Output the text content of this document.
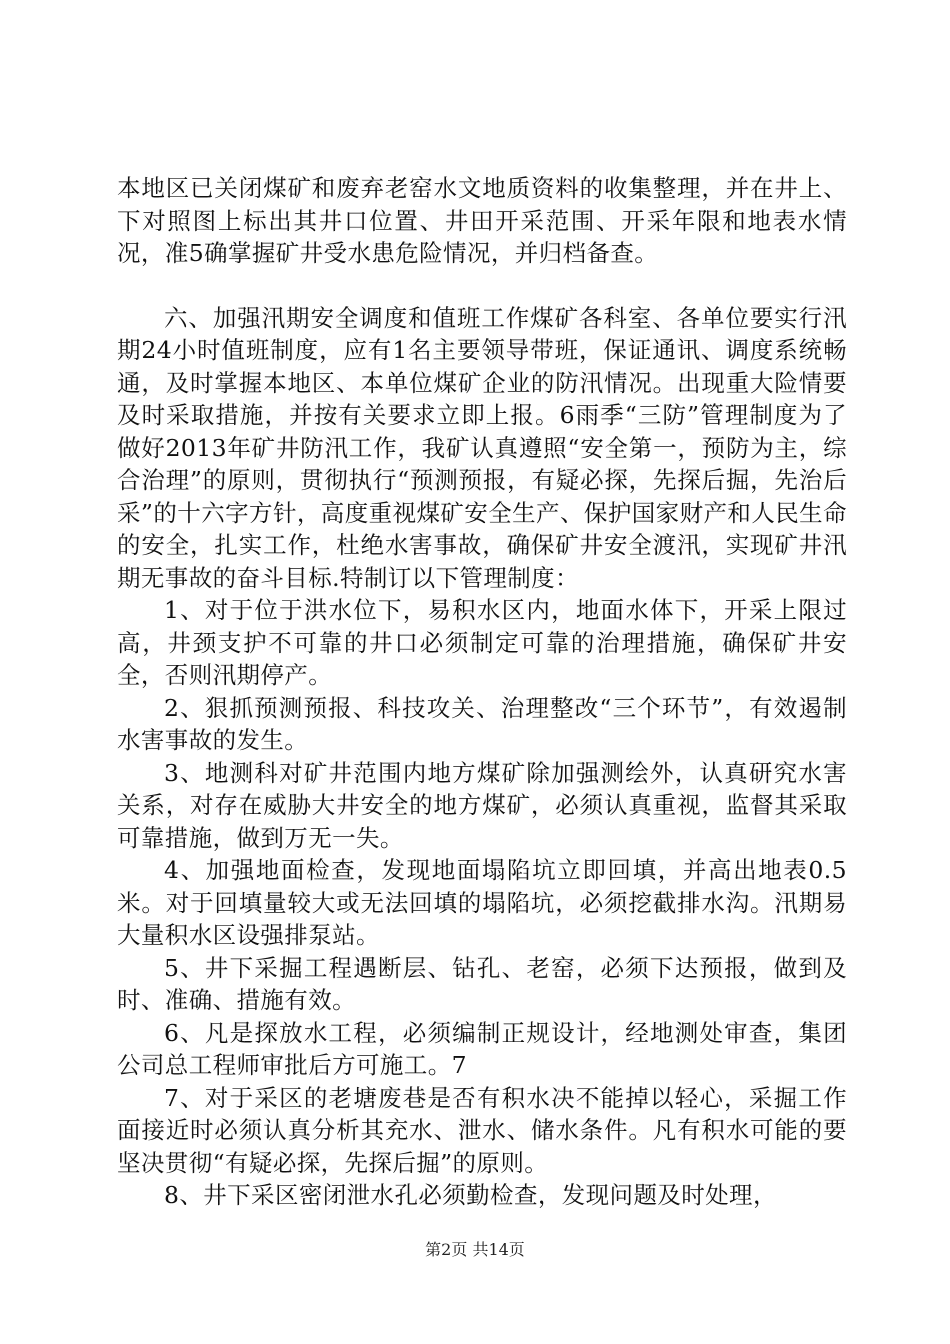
本地区已关闭煤矿和废弃老窑水文地质资料的收集整理，并在井上、下对照图上标出其井口位置、井田开采范围、开采年限和地表水情况，准5确掌握矿井受水患危险情况，并归档备查。

六、加强汛期安全调度和值班工作煤矿各科室、各单位要实行汛期24小时值班制度，应有1名主要领导带班，保证通讯、调度系统畅通，及时掌握本地区、本单位煤矿企业的防汛情况。出现重大险情要及时采取措施，并按有关要求立即上报。6雨季“三防”管理制度为了做好2013年矿井防汛工作，我矿认真遵照“安全第一，预防为主，综合治理”的原则，贯彻执行“预测预报，有疑必探，先探后掘，先治后采”的十六字方针，高度重视煤矿安全生产、保护国家财产和人民生命的安全，扎实工作，杜绝水害事故，确保矿井安全渡汛，实现矿井汛期无事故的奋斗目标.特制订以下管理制度：

1、对于位于洪水位下，易积水区内，地面水体下，开采上限过高，井颈支护不可靠的井口必须制定可靠的治理措施，确保矿井安全，否则汛期停产。

2、狠抓预测预报、科技攻关、治理整改“三个环节”，有效遏制水害事故的发生。

3、地测科对矿井范围内地方煤矿除加强测绘外，认真研究水害关系，对存在威胁大井安全的地方煤矿，必须认真重视，监督其采取可靠措施，做到万无一失。

4、加强地面检查，发现地面塌陷坑立即回填，并高出地表0.5米。对于回填量较大或无法回填的塌陷坑，必须挖截排水沟。汛期易大量积水区设强排泵站。

5、井下采掘工程遇断层、钻孔、老窑，必须下达预报，做到及时、准确、措施有效。

6、凡是探放水工程，必须编制正规设计，经地测处审查，集团公司总工程师审批后方可施工。7

7、对于采区的老塘废巷是否有积水决不能掉以轻心，采掘工作面接近时必须认真分析其充水、泄水、储水条件。凡有积水可能的要坚决贯彻“有疑必探，先探后掘”的原则。

8、井下采区密闭泄水孔必须勤检查，发现问题及时处理，

第2页 共14页
